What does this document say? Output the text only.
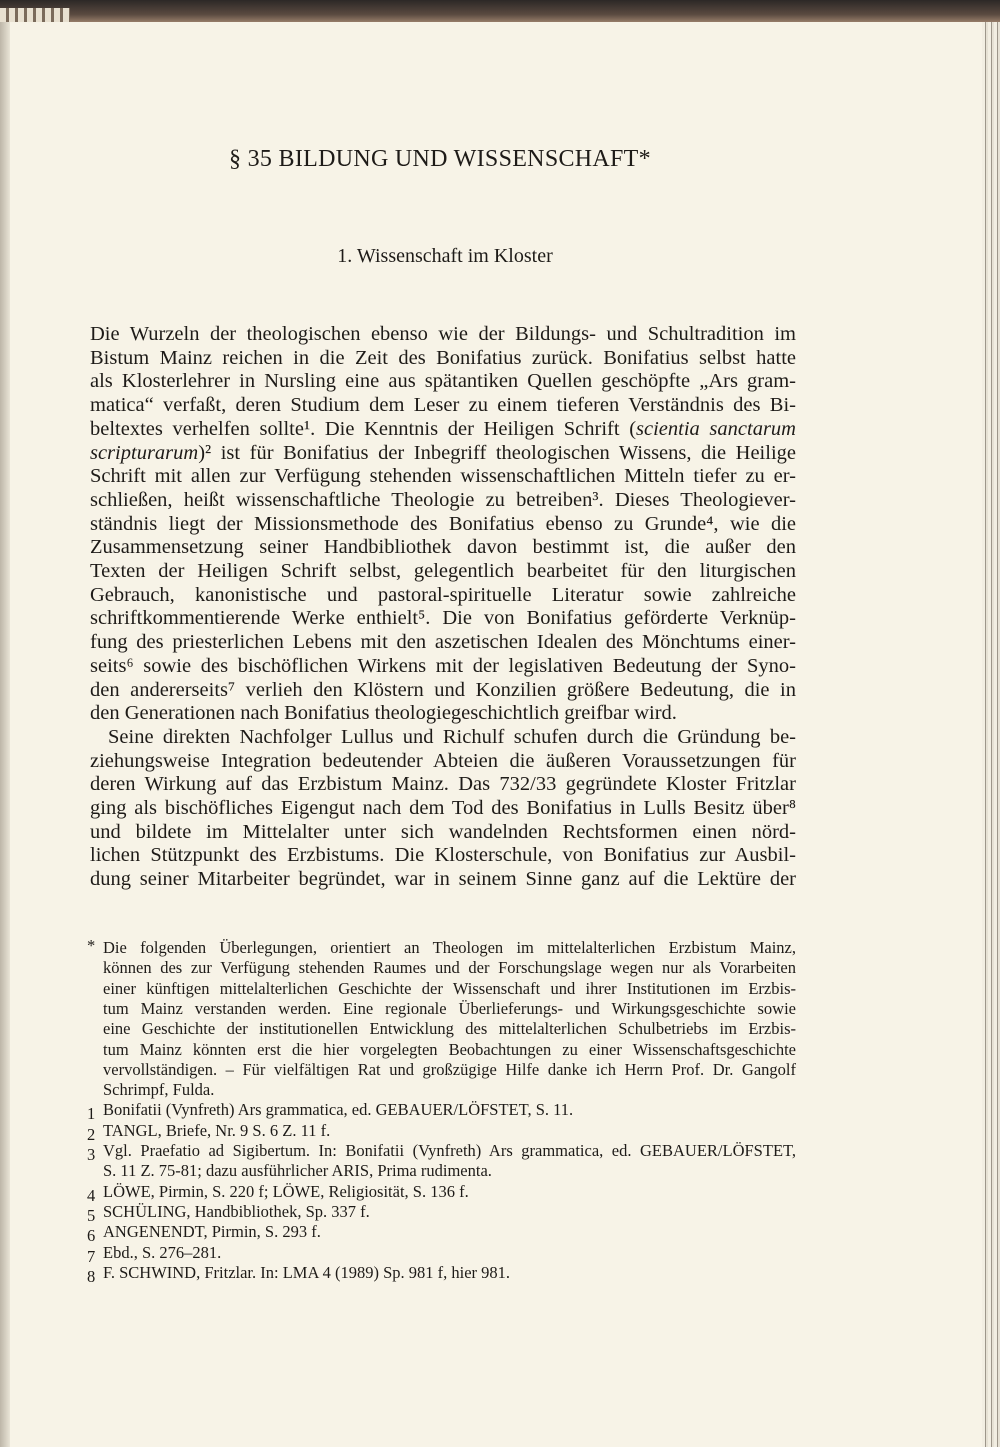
§ 35 BILDUNG UND WISSENSCHAFT*
1. Wissenschaft im Kloster
Die Wurzeln der theologischen ebenso wie der Bildungs- und Schultradition im
Bistum Mainz reichen in die Zeit des Bonifatius zurück. Bonifatius selbst hatte
als Klosterlehrer in Nursling eine aus spätantiken Quellen geschöpfte „Ars gram-
matica“ verfaßt, deren Studium dem Leser zu einem tieferen Verständnis des Bi-
beltextes verhelfen sollte¹. Die Kenntnis der Heiligen Schrift (scientia sanctarum
scripturarum)² ist für Bonifatius der Inbegriff theologischen Wissens, die Heilige
Schrift mit allen zur Verfügung stehenden wissenschaftlichen Mitteln tiefer zu er-
schließen, heißt wissenschaftliche Theologie zu betreiben³. Dieses Theologiever-
ständnis liegt der Missionsmethode des Bonifatius ebenso zu Grunde⁴, wie die
Zusammensetzung seiner Handbibliothek davon bestimmt ist, die außer den
Texten der Heiligen Schrift selbst, gelegentlich bearbeitet für den liturgischen
Gebrauch, kanonistische und pastoral-spirituelle Literatur sowie zahlreiche
schriftkommentierende Werke enthielt⁵. Die von Bonifatius geförderte Verknüp-
fung des priesterlichen Lebens mit den aszetischen Idealen des Mönchtums einer-
seits⁶ sowie des bischöflichen Wirkens mit der legislativen Bedeutung der Syno-
den andererseits⁷ verlieh den Klöstern und Konzilien größere Bedeutung, die in
den Generationen nach Bonifatius theologiegeschichtlich greifbar wird.
Seine direkten Nachfolger Lullus und Richulf schufen durch die Gründung be-
ziehungsweise Integration bedeutender Abteien die äußeren Voraussetzungen für
deren Wirkung auf das Erzbistum Mainz. Das 732/33 gegründete Kloster Fritzlar
ging als bischöfliches Eigengut nach dem Tod des Bonifatius in Lulls Besitz über⁸
und bildete im Mittelalter unter sich wandelnden Rechtsformen einen nörd-
lichen Stützpunkt des Erzbistums. Die Klosterschule, von Bonifatius zur Ausbil-
dung seiner Mitarbeiter begründet, war in seinem Sinne ganz auf die Lektüre der
* Die folgenden Überlegungen, orientiert an Theologen im mittelalterlichen Erzbistum Mainz,
können des zur Verfügung stehenden Raumes und der Forschungslage wegen nur als Vorarbeiten
einer künftigen mittelalterlichen Geschichte der Wissenschaft und ihrer Institutionen im Erzbis-
tum Mainz verstanden werden. Eine regionale Überlieferungs- und Wirkungsgeschichte sowie
eine Geschichte der institutionellen Entwicklung des mittelalterlichen Schulbetriebs im Erzbis-
tum Mainz könnten erst die hier vorgelegten Beobachtungen zu einer Wissenschaftsgeschichte
vervollständigen. – Für vielfältigen Rat und großzügige Hilfe danke ich Herrn Prof. Dr. Gangolf
Schrimpf, Fulda.
1 Bonifatii (Vynfreth) Ars grammatica, ed. GEBAUER/LÖFSTET, S. 11.
2 TANGL, Briefe, Nr. 9 S. 6 Z. 11 f.
3 Vgl. Praefatio ad Sigibertum. In: Bonifatii (Vynfreth) Ars grammatica, ed. GEBAUER/LÖFSTET,
S. 11 Z. 75-81; dazu ausführlicher ARIS, Prima rudimenta.
4 LÖWE, Pirmin, S. 220 f; LÖWE, Religiosität, S. 136 f.
5 SCHÜLING, Handbibliothek, Sp. 337 f.
6 ANGENENDT, Pirmin, S. 293 f.
7 Ebd., S. 276–281.
8 F. SCHWIND, Fritzlar. In: LMA 4 (1989) Sp. 981 f, hier 981.
